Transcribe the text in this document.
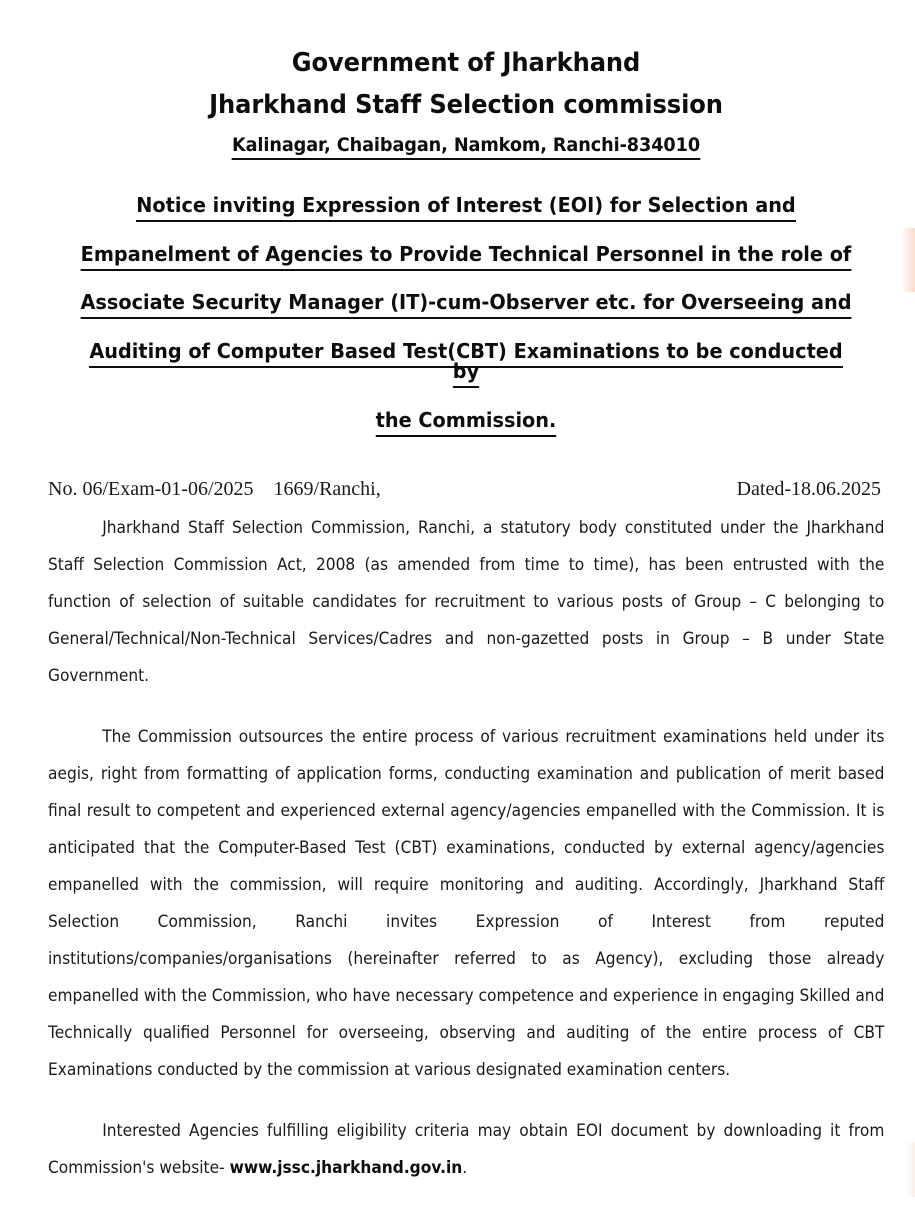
Government of Jharkhand
Jharkhand Staff Selection commission
Kalinagar, Chaibagan, Namkom, Ranchi-834010
Notice inviting Expression of Interest (EOI) for Selection and
Empanelment of Agencies to Provide Technical Personnel in the role of
Associate Security Manager (IT)-cum-Observer etc. for Overseeing and
Auditing of Computer Based Test(CBT) Examinations to be conducted by
the Commission.
No. 06/Exam-01-06/2025    1669/Ranchi,	Dated-18.06.2025

Jharkhand Staff Selection Commission, Ranchi, a statutory body constituted under the Jharkhand Staff Selection Commission Act, 2008 (as amended from time to time), has been entrusted with the function of selection of suitable candidates for recruitment to various posts of Group – C belonging to General/Technical/Non-Technical Services/Cadres and non-gazetted posts in Group – B under State Government.

The Commission outsources the entire process of various recruitment examinations held under its aegis, right from formatting of application forms, conducting examination and publication of merit based final result to competent and experienced external agency/agencies empanelled with the Commission. It is anticipated that the Computer-Based Test (CBT) examinations, conducted by external agency/agencies empanelled with the commission, will require monitoring and auditing. Accordingly, Jharkhand Staff Selection Commission, Ranchi invites Expression of Interest from reputed institutions/companies/organisations (hereinafter referred to as Agency), excluding those already empanelled with the Commission, who have necessary competence and experience in engaging Skilled and Technically qualified Personnel for overseeing, observing and auditing of the entire process of CBT Examinations conducted by the commission at various designated examination centers.

Interested Agencies fulfilling eligibility criteria may obtain EOI document by downloading it from Commission's website- www.jssc.jharkhand.gov.in.
